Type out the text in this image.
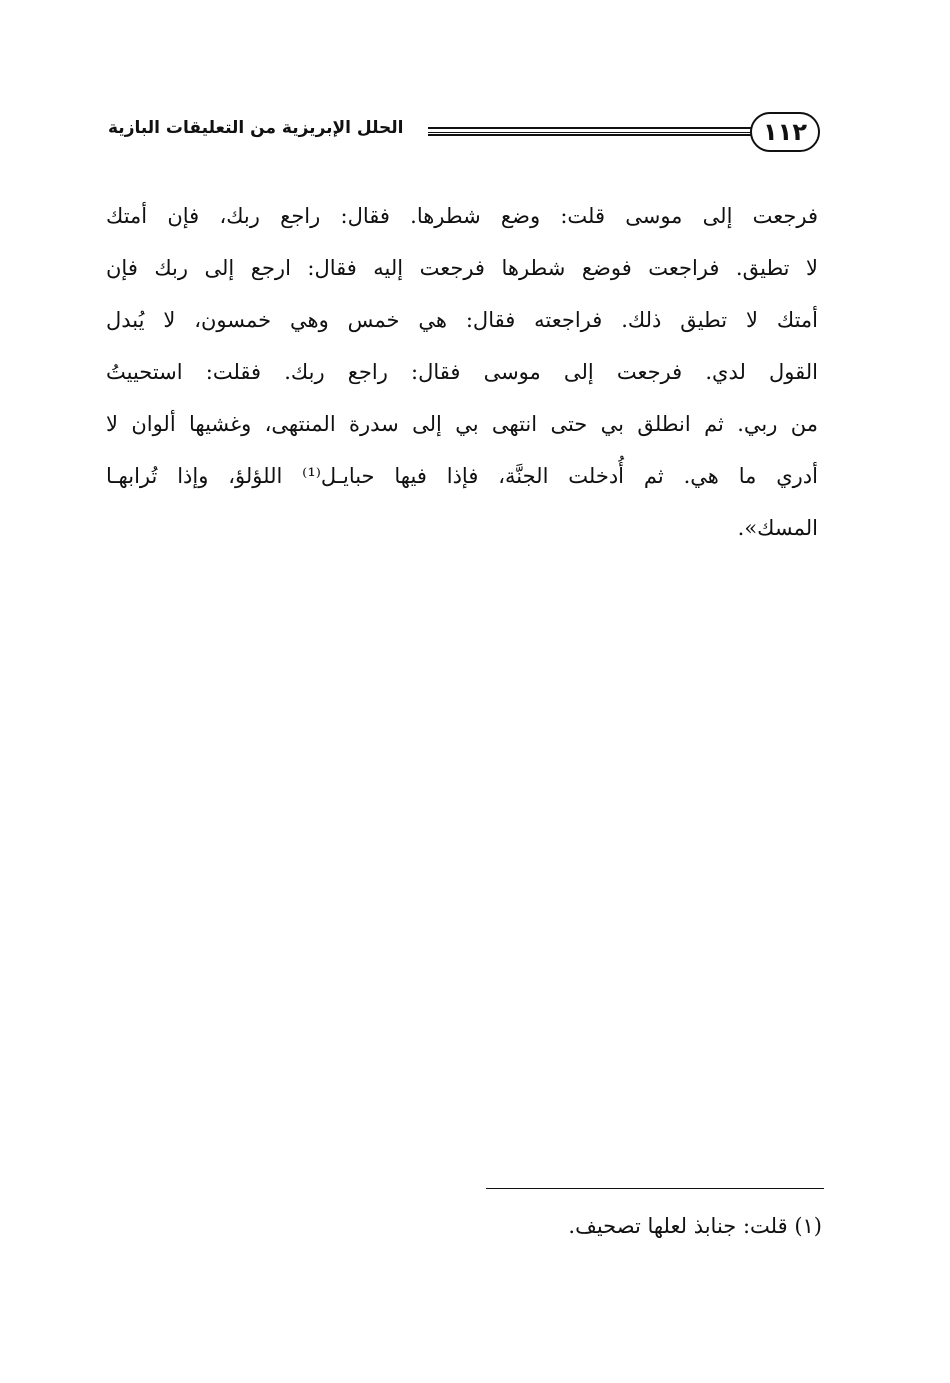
١١٢
الحلل الإبريزية من التعليقات البازية
فرجعت إلى موسى قلت: وضع شطرها. فقال: راجع ربك، فإن أمتك
لا تطيق. فراجعت فوضع شطرها فرجعت إليه فقال: ارجع إلى ربك فإن
أمتك لا تطيق ذلك. فراجعته فقال: هي خمس وهي خمسون، لا يُبدل
القول لدي. فرجعت إلى موسى فقال: راجع ربك. فقلت: استحييتُ
من ربي. ثم انطلق بي حتى انتهى بي إلى سدرة المنتهى، وغشيها ألوان لا
أدري ما هي. ثم أُدخلت الجنَّة، فإذا فيها حبايـل⁽¹⁾ اللؤلؤ، وإذا تُرابهـا
المسك».
(١) قلت: جنابذ لعلها تصحيف.
